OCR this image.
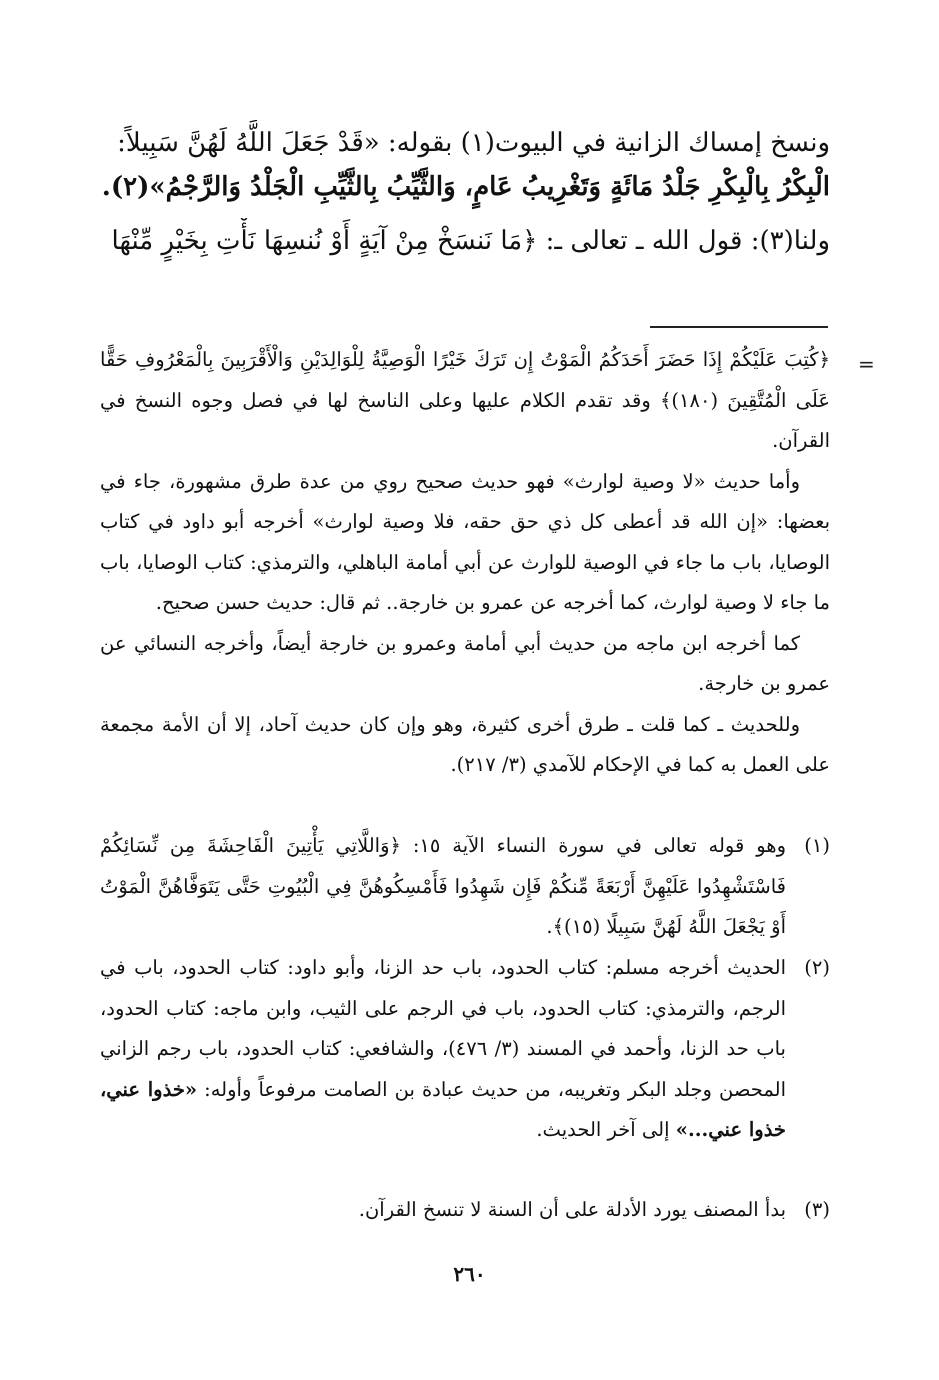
ونسخ إمساك الزانية في البيوت(١) بقوله: «قَدْ جَعَلَ اللَّهُ لَهُنَّ سَبِيلاً:
الْبِكْرُ بِالْبِكْرِ جَلْدُ مَائَةٍ وَتَغْرِيبُ عَامٍ، وَالثَّيِّبُ بِالثَّيِّبِ الْجَلْدُ وَالرَّجْمُ»(٢).
ولنا(٣): قول الله ـ تعالى ـ: ﴿مَا نَنسَخْ مِنْ آيَةٍ أَوْ نُنسِهَا نَأْتِ بِخَيْرٍ مِّنْهَا
=

﴿كُتِبَ عَلَيْكُمْ إِذَا حَضَرَ أَحَدَكُمُ الْمَوْتُ إِن تَرَكَ خَيْرًا الْوَصِيَّةُ لِلْوَالِدَيْنِ وَالْأَقْرَبِينَ بِالْمَعْرُوفِ حَقًّا عَلَى الْمُتَّقِينَ (١٨٠)﴾ وقد تقدم الكلام عليها وعلى الناسخ لها في فصل وجوه النسخ في القرآن.

وأما حديث «لا وصية لوارث» فهو حديث صحيح روي من عدة طرق مشهورة، جاء في بعضها: «إن الله قد أعطى كل ذي حق حقه، فلا وصية لوارث» أخرجه أبو داود في كتاب الوصايا، باب ما جاء في الوصية للوارث عن أبي أمامة الباهلي، والترمذي: كتاب الوصايا، باب ما جاء لا وصية لوارث، كما أخرجه عن عمرو بن خارجة.. ثم قال: حديث حسن صحيح.

كما أخرجه ابن ماجه من حديث أبي أمامة وعمرو بن خارجة أيضاً، وأخرجه النسائي عن عمرو بن خارجة.

وللحديث ـ كما قلت ـ طرق أخرى كثيرة، وهو وإن كان حديث آحاد، إلا أن الأمة مجمعة على العمل به كما في الإحكام للآمدي (٣/ ٢١٧).

(١)
وهو قوله تعالى في سورة النساء الآية ١٥: ﴿وَاللَّاتِي يَأْتِينَ الْفَاحِشَةَ مِن نِّسَائِكُمْ فَاسْتَشْهِدُوا عَلَيْهِنَّ أَرْبَعَةً مِّنكُمْ فَإِن شَهِدُوا فَأَمْسِكُوهُنَّ فِي الْبُيُوتِ حَتَّى يَتَوَفَّاهُنَّ الْمَوْتُ أَوْ يَجْعَلَ اللَّهُ لَهُنَّ سَبِيلًا (١٥)﴾.
(٢)
الحديث أخرجه مسلم: كتاب الحدود، باب حد الزنا، وأبو داود: كتاب الحدود، باب في الرجم، والترمذي: كتاب الحدود، باب في الرجم على الثيب، وابن ماجه: كتاب الحدود، باب حد الزنا، وأحمد في المسند (٣/ ٤٧٦)، والشافعي: كتاب الحدود، باب رجم الزاني المحصن وجلد البكر وتغريبه، من حديث عبادة بن الصامت مرفوعاً وأوله: «خذوا عني، خذوا عني...» إلى آخر الحديث.
(٣)
بدأ المصنف يورد الأدلة على أن السنة لا تنسخ القرآن.
٢٦٠
